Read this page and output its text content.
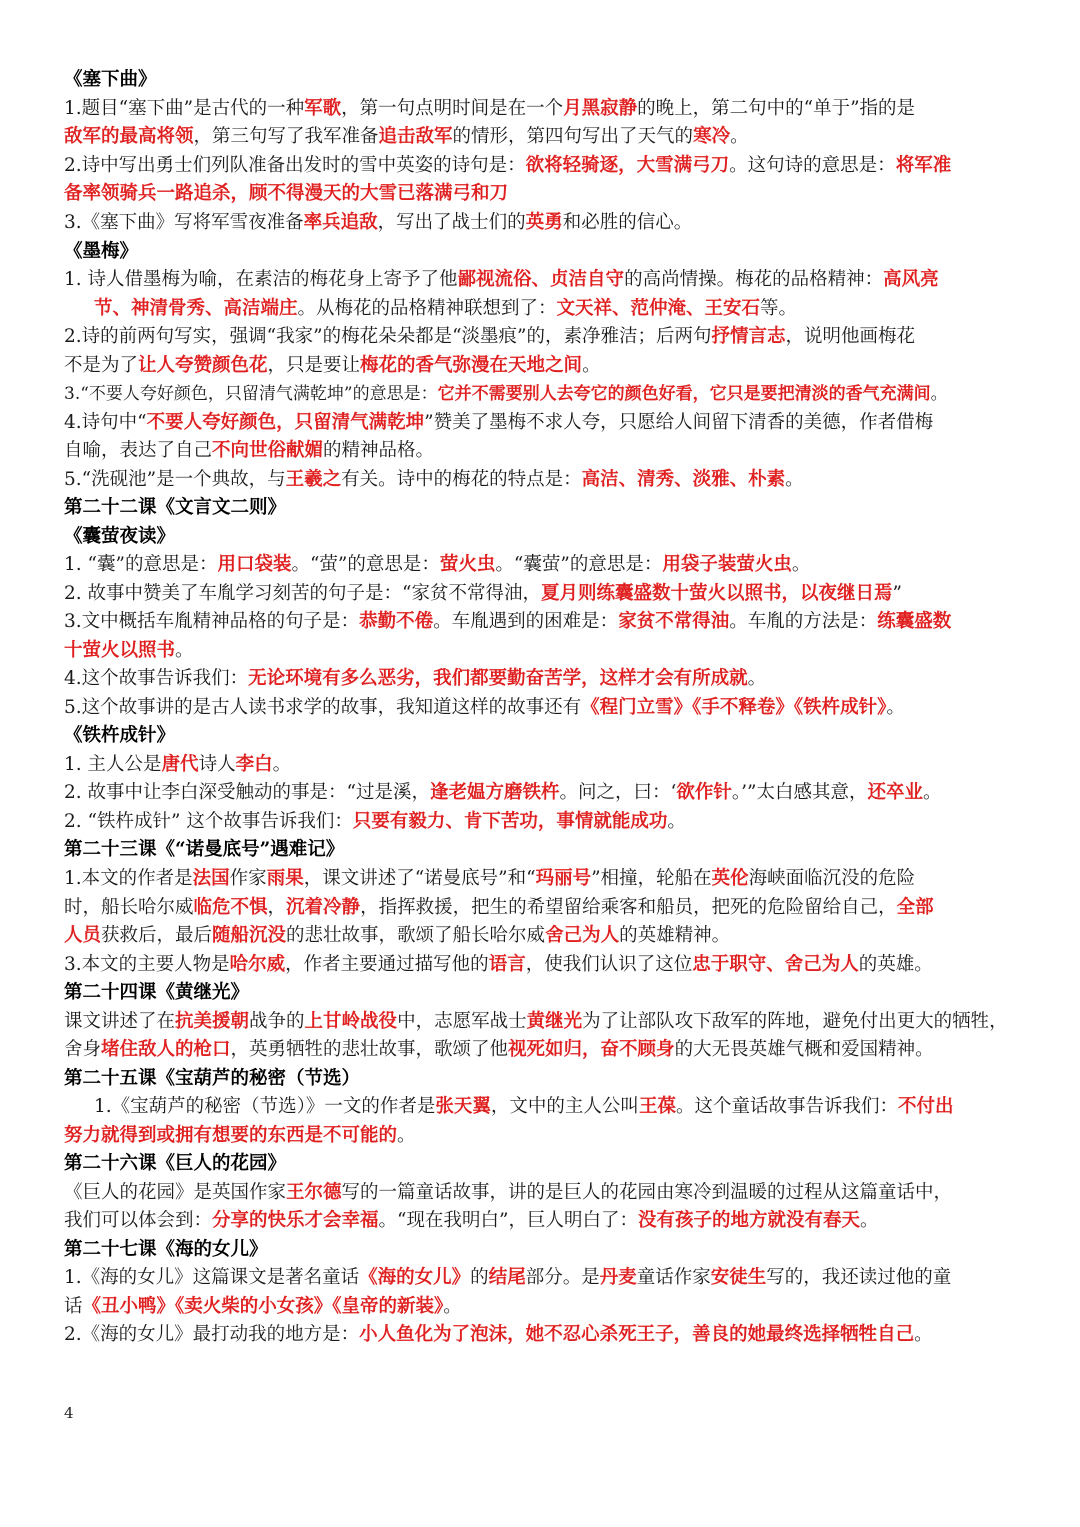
《塞下曲》
1.题目“塞下曲”是古代的一种军歌，第一句点明时间是在一个月黑寂静的晚上，第二句中的“单于”指的是
敌军的最高将领，第三句写了我军准备追击敌军的情形，第四句写出了天气的寒冷。
2.诗中写出勇士们列队准备出发时的雪中英姿的诗句是：欲将轻骑逐，大雪满弓刀。这句诗的意思是：将军准
备率领骑兵一路追杀，顾不得漫天的大雪已落满弓和刀
3.《塞下曲》写将军雪夜准备率兵追敌，写出了战士们的英勇和必胜的信心。
《墨梅》
1. 诗人借墨梅为喻，在素洁的梅花身上寄予了他鄙视流俗、贞洁自守的高尚情操。梅花的品格精神：高风亮
节、神清骨秀、高洁端庄。从梅花的品格精神联想到了：文天祥、范仲淹、王安石等。
2.诗的前两句写实，强调“我家”的梅花朵朵都是“淡墨痕”的，素净雅洁；后两句抒情言志，说明他画梅花
不是为了让人夸赞颜色花，只是要让梅花的香气弥漫在天地之间。
3.“不要人夸好颜色，只留清气满乾坤”的意思是：它并不需要别人去夸它的颜色好看，它只是要把清淡的香气充满间。
4.诗句中“不要人夸好颜色，只留清气满乾坤”赞美了墨梅不求人夸，只愿给人间留下清香的美德，作者借梅
自喻，表达了自己不向世俗献媚的精神品格。
5.“洗砚池”是一个典故，与王羲之有关。诗中的梅花的特点是：高洁、清秀、淡雅、朴素。
第二十二课《文言文二则》
《囊萤夜读》
1. “囊”的意思是：用口袋装。“萤”的意思是：萤火虫。“囊萤”的意思是：用袋子装萤火虫。
2. 故事中赞美了车胤学习刻苦的句子是：“家贫不常得油，夏月则练囊盛数十萤火以照书，以夜继日焉”
3.文中概括车胤精神品格的句子是：恭勤不倦。车胤遇到的困难是：家贫不常得油。车胤的方法是：练囊盛数
十萤火以照书。
4.这个故事告诉我们：无论环境有多么恶劣，我们都要勤奋苦学，这样才会有所成就。
5.这个故事讲的是古人读书求学的故事，我知道这样的故事还有《程门立雪》《手不释卷》《铁杵成针》。
《铁杵成针》
1. 主人公是唐代诗人李白。
2. 故事中让李白深受触动的事是：“过是溪，逢老媪方磨铁杵。问之，曰：‘欲作针。’”太白感其意，还卒业。
2. “铁杵成针” 这个故事告诉我们：只要有毅力、肯下苦功，事情就能成功。
第二十三课《“诺曼底号”遇难记》
1.本文的作者是法国作家雨果，课文讲述了“诺曼底号”和“玛丽号”相撞，轮船在英伦海峡面临沉没的危险
时，船长哈尔威临危不惧，沉着冷静，指挥救援，把生的希望留给乘客和船员，把死的危险留给自己，全部
人员获救后，最后随船沉没的悲壮故事，歌颂了船长哈尔威舍己为人的英雄精神。
3.本文的主要人物是哈尔威，作者主要通过描写他的语言，使我们认识了这位忠于职守、舍己为人的英雄。
第二十四课《黄继光》
课文讲述了在抗美援朝战争的上甘岭战役中，志愿军战士黄继光为了让部队攻下敌军的阵地，避免付出更大的牺牲，
舍身堵住敌人的枪口，英勇牺牲的悲壮故事，歌颂了他视死如归，奋不顾身的大无畏英雄气概和爱国精神。
第二十五课《宝葫芦的秘密（节选）
1.《宝葫芦的秘密（节选）》一文的作者是张天翼，文中的主人公叫王葆。这个童话故事告诉我们：不付出
努力就得到或拥有想要的东西是不可能的。
第二十六课《巨人的花园》
《巨人的花园》是英国作家王尔德写的一篇童话故事，讲的是巨人的花园由寒冷到温暖的过程从这篇童话中，
我们可以体会到：分享的快乐才会幸福。“现在我明白”，巨人明白了：没有孩子的地方就没有春天。
第二十七课《海的女儿》
1.《海的女儿》这篇课文是著名童话《海的女儿》的结尾部分。是丹麦童话作家安徒生写的，我还读过他的童
话《丑小鸭》《卖火柴的小女孩》《皇帝的新装》。
2.《海的女儿》最打动我的地方是：小人鱼化为了泡沫，她不忍心杀死王子，善良的她最终选择牺牲自己。
4
